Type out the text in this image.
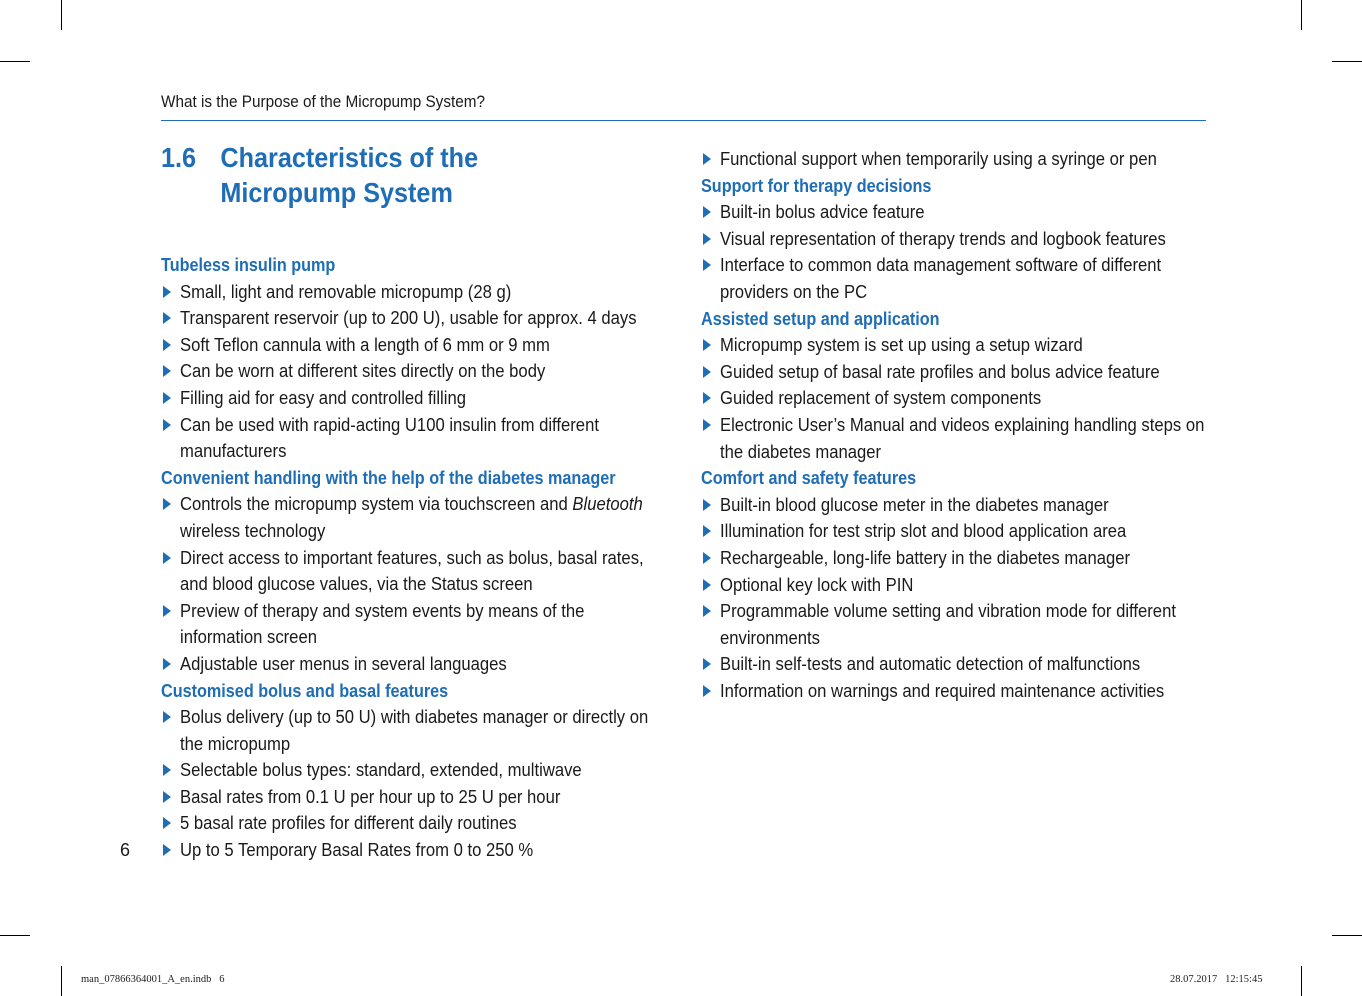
What is the Purpose of the Micropump System?
1.6 Characteristics of the
Micropump System
Tubeless insulin pump
Small, light and removable micropump (28 g)
Transparent reservoir (up to 200 U), usable for approx. 4 days
Soft Teflon cannula with a length of 6 mm or 9 mm
Can be worn at different sites directly on the body
Filling aid for easy and controlled filling
Can be used with rapid-acting U100 insulin from different manufacturers
Convenient handling with the help of the diabetes manager
Controls the micropump system via touchscreen and Bluetooth
wireless technology
Direct access to important features, such as bolus, basal rates, and blood glucose values, via the Status screen
Preview of therapy and system events by means of the information screen
Adjustable user menus in several languages
Customised bolus and basal features
Bolus delivery (up to 50 U) with diabetes manager or directly on the micropump
Selectable bolus types: standard, extended, multiwave
Basal rates from 0.1 U per hour up to 25 U per hour
5 basal rate profiles for different daily routines
Up to 5 Temporary Basal Rates from 0 to 250 %
Functional support when temporarily using a syringe or pen
Support for therapy decisions
Built-in bolus advice feature
Visual representation of therapy trends and logbook features
Interface to common data management software of different providers on the PC
Assisted setup and application
Micropump system is set up using a setup wizard
Guided setup of basal rate profiles and bolus advice feature
Guided replacement of system components
Electronic User’s Manual and videos explaining handling steps on the diabetes manager
Comfort and safety features
Built-in blood glucose meter in the diabetes manager
Illumination for test strip slot and blood application area
Rechargeable, long-life battery in the diabetes manager
Optional key lock with PIN
Programmable volume setting and vibration mode for different environments
Built-in self-tests and automatic detection of malfunctions
Information on warnings and required maintenance activities
6
man_07866364001_A_en.indb   6	28.07.2017   12:15:45
